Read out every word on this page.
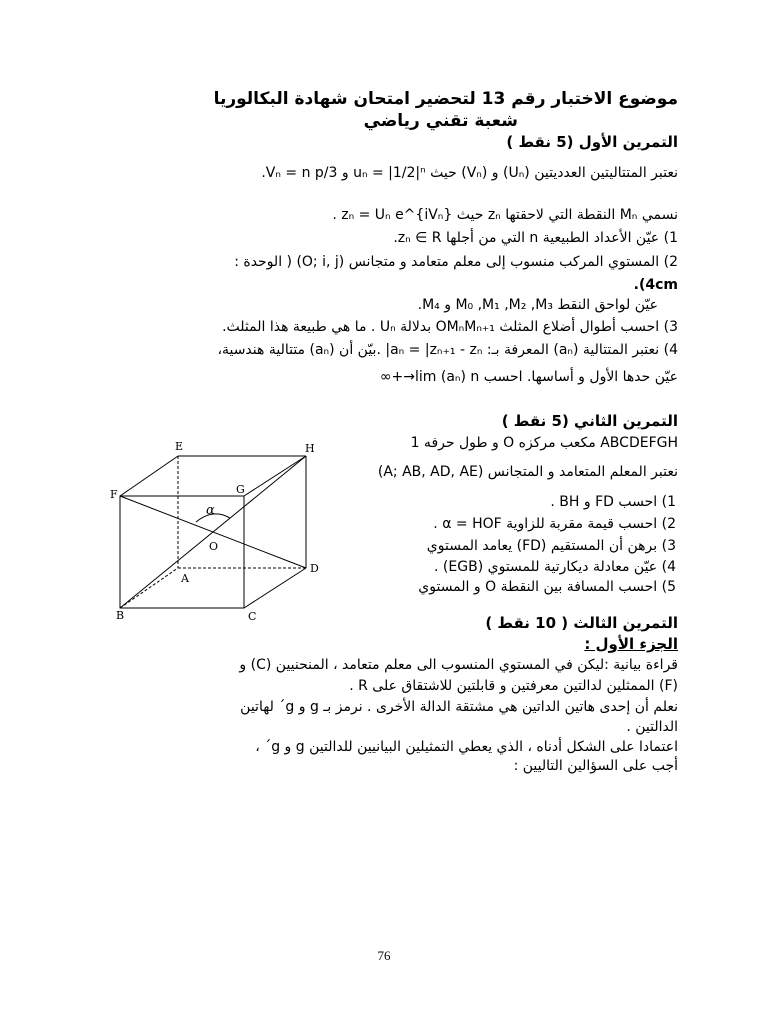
موضوع الاختبار رقم 13 لتحضير امتحان شهادة البكالوريا
شعبة تقني رياضي
التمرين الأول (5 نقط )
نعتبر المتتاليتين العدديتين (Uₙ) و (Vₙ) حيث uₙ = |1/2|ⁿ و Vₙ = n p/3.
نسمي Mₙ النقطة التي لاحقتها zₙ حيث zₙ = Uₙ e^{iVₙ} .
1) عيّن الأعداد الطبيعية n التي من أجلها zₙ ∈ R.
2) المستوي المركب منسوب إلى معلم متعامد و متجانس (O; i, j) ( الوحدة :
4cm).
عيّن لواحق النقط M₀ ,M₁ ,M₂ ,M₃ و M₄.
3) احسب أطوال أضلاع المثلث OMₙMₙ₊₁ بدلالة Uₙ . ما هي طبيعة هذا المثلث.
4) نعتبر المتتالية (aₙ) المعرفة بـ: aₙ = |zₙ₊₁ - zₙ| .بيّن أن (aₙ) متتالية هندسية،
عيّن حدها الأول و أساسها. احسب lim (aₙ) n→+∞
التمرين الثاني (5 نقط )
ABCDEFGH مكعب مركزه O و طول حرفه 1
نعتبر المعلم المتعامد و المتجانس (A; AB, AD, AE)
1) احسب FD و BH .
2) احسب قيمة مقربة للزاوية α = HOF .
3) برهن أن المستقيم (FD) يعامد المستوي
4) عيّن معادلة ديكارتية للمستوي (EGB) .
5) احسب المسافة بين النقطة O و المستوي
E	H
F	G
α
O
D
A
B	C	التمرين الثالث ( 10 نقط )
الجزء الأول :
قراءة بيانية :ليكن في المستوي المنسوب الى معلم متعامد ، المنحنيين (C) و
(F) الممثلين لدالتين معرفتين و قابلتين للاشتقاق على R .
نعلم أن إحدى هاتين الداتين هي مشتقة الدالة الأخرى . نرمز بـ g و g´ لهاتين
الدالتين .
اعتمادا على الشكل أدناه ، الذي يعطي التمثيلين البيانيين للدالتين g و g´ ،
أجب على السؤالين التاليين :
76
